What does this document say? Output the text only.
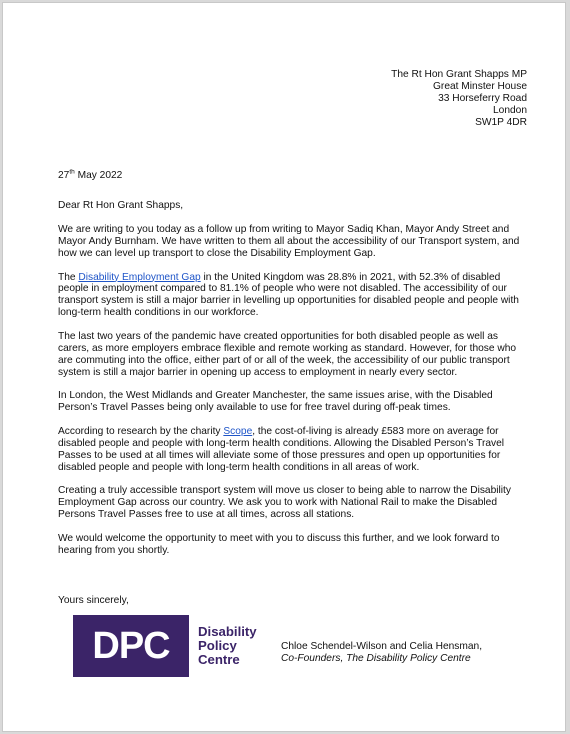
The Rt Hon Grant Shapps MP
Great Minster House
33 Horseferry Road
London
SW1P 4DR
27th May 2022
Dear Rt Hon Grant Shapps,

We are writing to you today as a follow up from writing to Mayor Sadiq Khan, Mayor Andy Street and Mayor Andy Burnham. We have written to them all about the accessibility of our Transport system, and how we can level up transport to close the Disability Employment Gap.

The Disability Employment Gap in the United Kingdom was 28.8% in 2021, with 52.3% of disabled people in employment compared to 81.1% of people who were not disabled. The accessibility of our transport system is still a major barrier in levelling up opportunities for disabled people and people with long-term health conditions in our workforce.

The last two years of the pandemic have created opportunities for both disabled people as well as carers, as more employers embrace flexible and remote working as standard. However, for those who are commuting into the office, either part of or all of the week, the accessibility of our public transport system is still a major barrier in opening up access to employment in nearly every sector.

In London, the West Midlands and Greater Manchester, the same issues arise, with the Disabled Person’s Travel Passes being only available to use for free travel during off-peak times.

According to research by the charity Scope, the cost-of-living is already £583 more on average for disabled people and people with long-term health conditions. Allowing the Disabled Person’s Travel Passes to be used at all times will alleviate some of those pressures and open up opportunities for disabled people and people with long-term health conditions in all areas of work.

Creating a truly accessible transport system will move us closer to being able to narrow the Disability Employment Gap across our country. We ask you to work with National Rail to make the Disabled Persons Travel Passes free to use at all times, across all stations.

We would welcome the opportunity to meet with you to discuss this further, and we look forward to hearing from you shortly.

Yours sincerely,
DPC	Disability
Policy
Centre
Chloe Schendel-Wilson and Celia Hensman,
Co-Founders, The Disability Policy Centre
